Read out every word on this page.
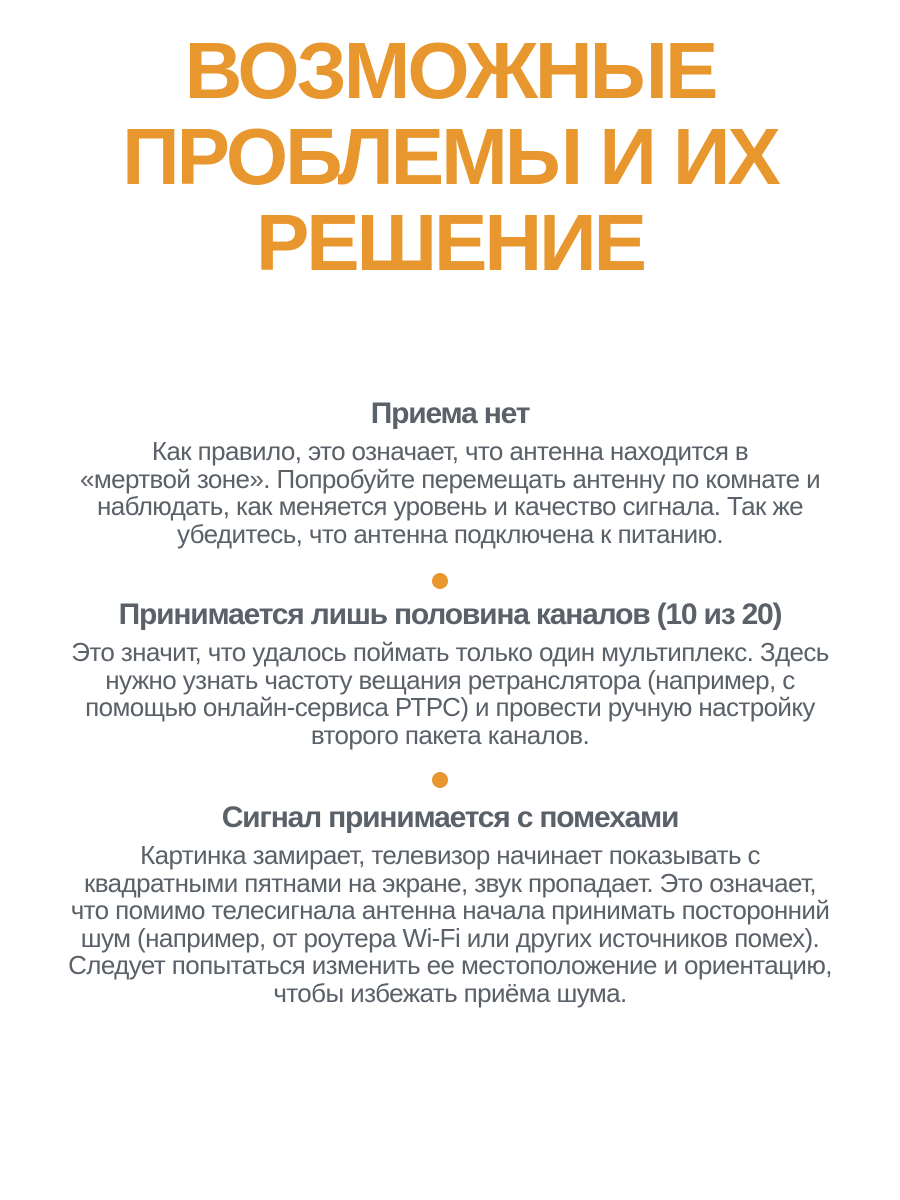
ВОЗМОЖНЫЕ
ПРОБЛЕМЫ И ИХ
РЕШЕНИЕ
Приема нет

Как правило, это означает, что антенна находится в
«мертвой зоне». Попробуйте перемещать антенну по комнате и
наблюдать, как меняется уровень и качество сигнала. Так же
убедитесь, что антенна подключена к питанию.

Принимается лишь половина каналов (10 из 20)

Это значит, что удалось поймать только один мультиплекс. Здесь
нужно узнать частоту вещания ретранслятора (например, с
помощью онлайн-сервиса РТРС) и провести ручную настройку
второго пакета каналов.

Сигнал принимается с помехами

Картинка замирает, телевизор начинает показывать с
квадратными пятнами на экране, звук пропадает. Это означает,
что помимо телесигнала антенна начала принимать посторонний
шум (например, от роутера Wi-Fi или других источников помех).
Следует попытаться изменить ее местоположение и ориентацию,
чтобы избежать приёма шума.
